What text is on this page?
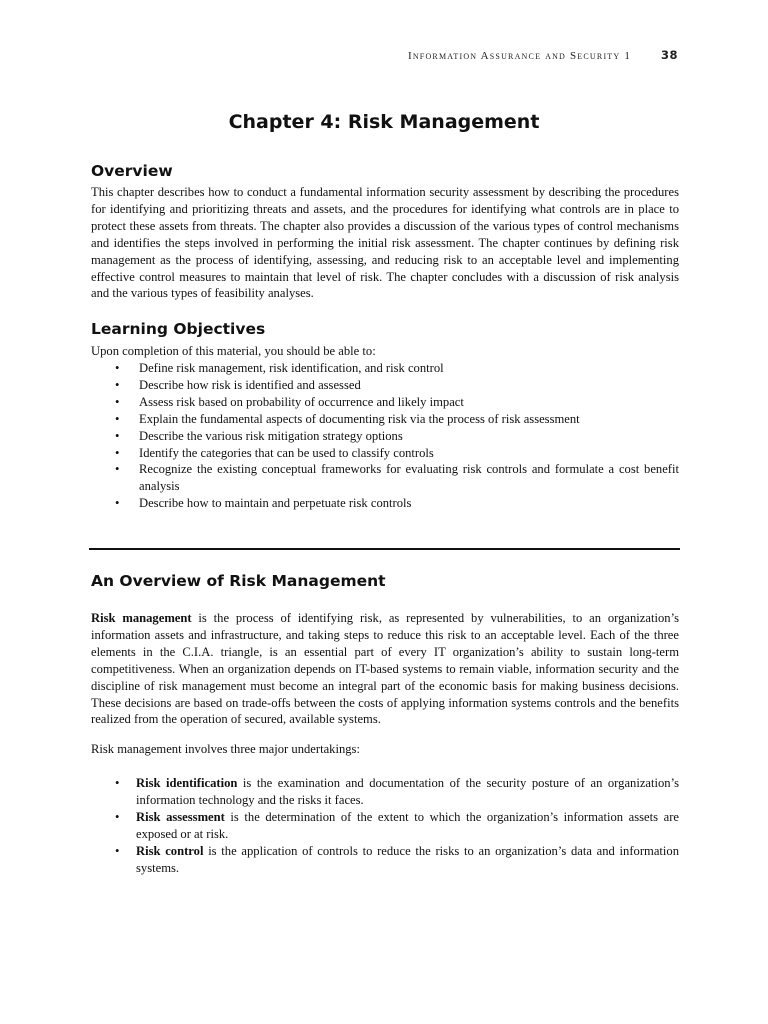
Information Assurance and Security 1	38
Chapter 4: Risk Management
Overview

This chapter describes how to conduct a fundamental information security assessment by describing the procedures for identifying and prioritizing threats and assets, and the procedures for identifying what controls are in place to protect these assets from threats. The chapter also provides a discussion of the various types of control mechanisms and identifies the steps involved in performing the initial risk assessment. The chapter continues by defining risk management as the process of identifying, assessing, and reducing risk to an acceptable level and implementing effective control measures to maintain that level of risk. The chapter concludes with a discussion of risk analysis and the various types of feasibility analyses.

Learning Objectives

Upon completion of this material, you should be able to:

• Define risk management, risk identification, and risk control
• Describe how risk is identified and assessed
• Assess risk based on probability of occurrence and likely impact
• Explain the fundamental aspects of documenting risk via the process of risk assessment
• Describe the various risk mitigation strategy options
• Identify the categories that can be used to classify controls
• Recognize the existing conceptual frameworks for evaluating risk controls and formulate a cost benefit analysis
• Describe how to maintain and perpetuate risk controls
An Overview of Risk Management

Risk management is the process of identifying risk, as represented by vulnerabilities, to an organization’s information assets and infrastructure, and taking steps to reduce this risk to an acceptable level. Each of the three elements in the C.I.A. triangle, is an essential part of every IT organization’s ability to sustain long-term competitiveness. When an organization depends on IT-based systems to remain viable, information security and the discipline of risk management must become an integral part of the economic basis for making business decisions. These decisions are based on trade-offs between the costs of applying information systems controls and the benefits realized from the operation of secured, available systems.

Risk management involves three major undertakings:

• Risk identification is the examination and documentation of the security posture of an organization’s information technology and the risks it faces.
• Risk assessment is the determination of the extent to which the organization’s information assets are exposed or at risk.
• Risk control is the application of controls to reduce the risks to an organization’s data and information systems.
